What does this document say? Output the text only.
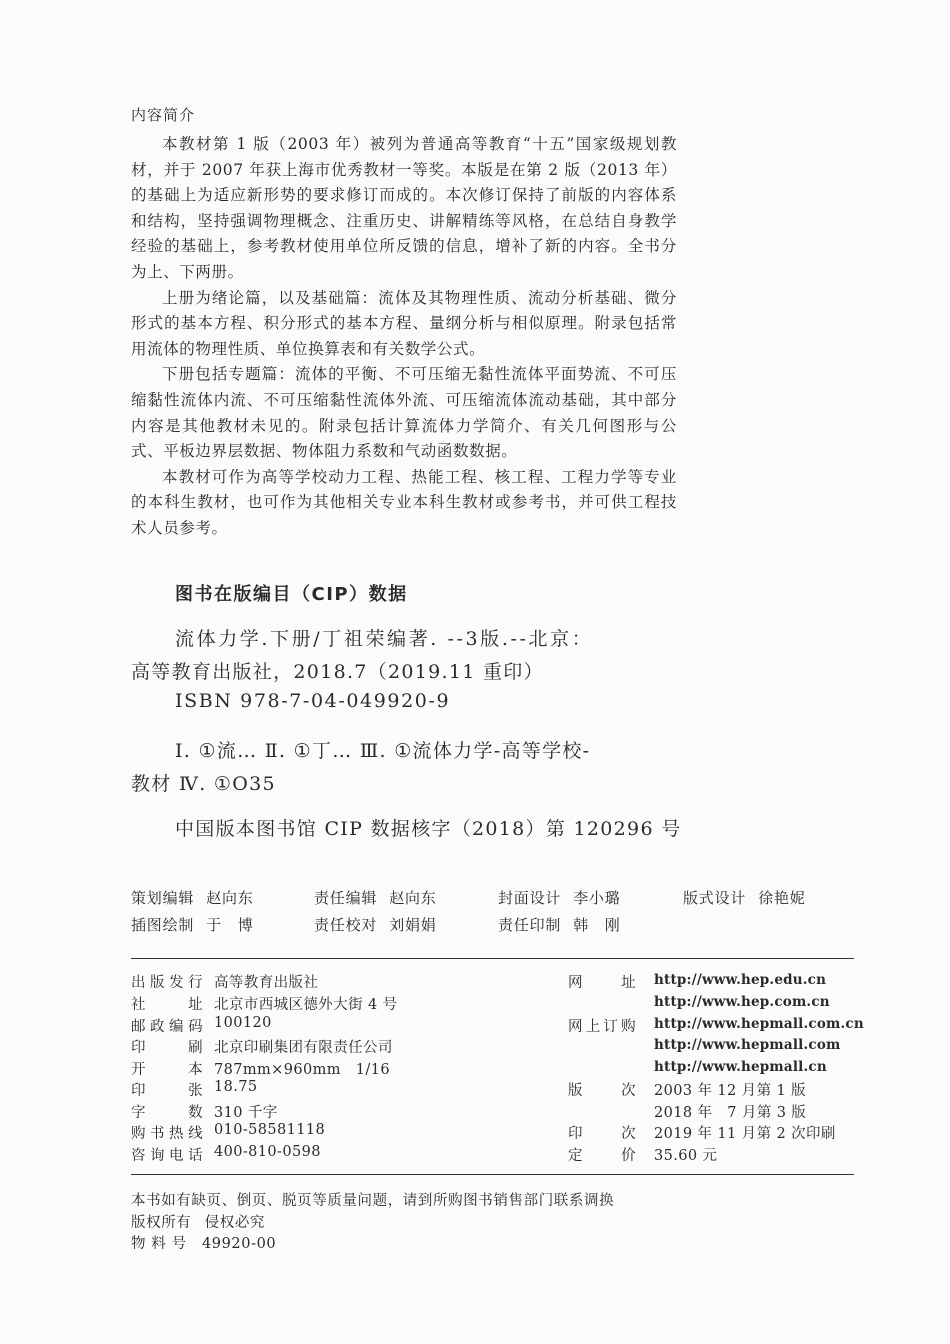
内容简介

本教材第 1 版（2003 年）被列为普通高等教育“十五”国家级规划教材，并于 2007 年获上海市优秀教材一等奖。本版是在第 2 版（2013 年）的基础上为适应新形势的要求修订而成的。本次修订保持了前版的内容体系和结构，坚持强调物理概念、注重历史、讲解精练等风格，在总结自身教学经验的基础上，参考教材使用单位所反馈的信息，增补了新的内容。全书分为上、下两册。

上册为绪论篇，以及基础篇：流体及其物理性质、流动分析基础、微分形式的基本方程、积分形式的基本方程、量纲分析与相似原理。附录包括常用流体的物理性质、单位换算表和有关数学公式。

下册包括专题篇：流体的平衡、不可压缩无黏性流体平面势流、不可压缩黏性流体内流、不可压缩黏性流体外流、可压缩流体流动基础，其中部分内容是其他教材未见的。附录包括计算流体力学简介、有关几何图形与公式、平板边界层数据、物体阻力系数和气动函数数据。

本教材可作为高等学校动力工程、热能工程、核工程、工程力学等专业的本科生教材，也可作为其他相关专业本科生教材或参考书，并可供工程技术人员参考。

图书在版编目（CIP）数据
流体力学.下册/丁祖荣编著. --3版.--北京：
高等教育出版社，2018.7（2019.11 重印）
ISBN 978-7-04-049920-9
Ⅰ. ①流… Ⅱ. ①丁… Ⅲ. ①流体力学-高等学校-
教材 Ⅳ. ①O35
中国版本图书馆 CIP 数据核字（2018）第 120296 号
策划编辑 赵向东	责任编辑 赵向东	封面设计 李小璐	版式设计 徐艳妮
插图绘制 于　博	责任校对 刘娟娟	责任印制 韩　刚
出版发行 高等教育出版社
社址 北京市西城区德外大街 4 号
邮政编码 100120
印刷 北京印刷集团有限责任公司
开本 787mm×960mm　1/16
印张 18.75
字数 310 千字
购书热线 010-58581118
咨询电话 400-810-0598
网址 http://www.hep.edu.cn
http://www.hep.com.cn
网上订购 http://www.hepmall.com.cn
http://www.hepmall.com
http://www.hepmall.cn
版次 2003 年 12 月第 1 版
2018 年　7 月第 3 版
印次 2019 年 11 月第 2 次印刷
定价 35.60 元
本书如有缺页、倒页、脱页等质量问题，请到所购图书销售部门联系调换
版权所有 侵权必究
物 料 号 49920-00
